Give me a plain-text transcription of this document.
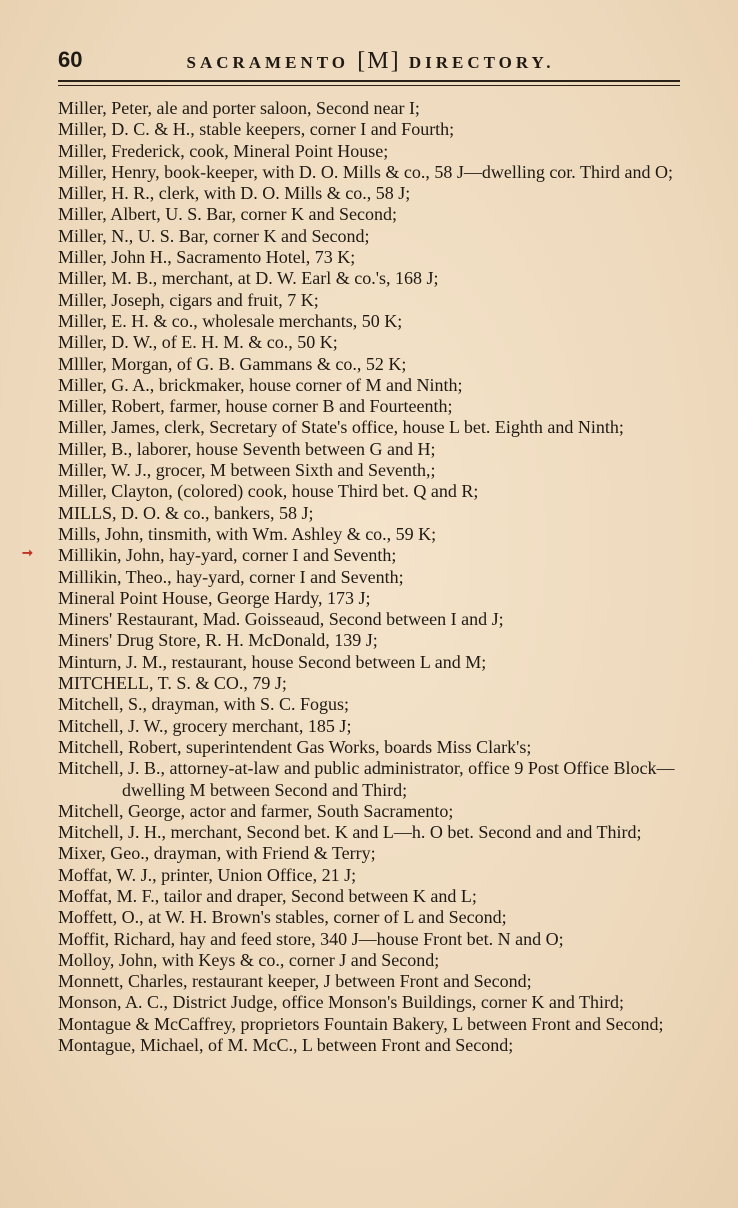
60	SACRAMENTO [M] DIRECTORY.
➞

Miller, Peter, ale and porter saloon, Second near I;

Miller, D. C. & H., stable keepers, corner I and Fourth;

Miller, Frederick, cook, Mineral Point House;

Miller, Henry, book-keeper, with D. O. Mills & co., 58 J—dwelling cor. Third and O;

Miller, H. R., clerk, with D. O. Mills & co., 58 J;

Miller, Albert, U. S. Bar, corner K and Second;

Miller, N., U. S. Bar, corner K and Second;

Miller, John H., Sacramento Hotel, 73 K;

Miller, M. B., merchant, at D. W. Earl & co.'s, 168 J;

Miller, Joseph, cigars and fruit, 7 K;

Miller, E. H. & co., wholesale merchants, 50 K;

Miller, D. W., of E. H. M. & co., 50 K;

Mlller, Morgan, of G. B. Gammans & co., 52 K;

Miller, G. A., brickmaker, house corner of M and Ninth;

Miller, Robert, farmer, house corner B and Fourteenth;

Miller, James, clerk, Secretary of State's office, house L bet. Eighth and Ninth;

Miller, B., laborer, house Seventh between G and H;

Miller, W. J., grocer, M between Sixth and Seventh,;

Miller, Clayton, (colored) cook, house Third bet. Q and R;

MILLS, D. O. & co., bankers, 58 J;

Mills, John, tinsmith, with Wm. Ashley & co., 59 K;

Millikin, John, hay-yard, corner I and Seventh;

Millikin, Theo., hay-yard, corner I and Seventh;

Mineral Point House, George Hardy, 173 J;

Miners' Restaurant, Mad. Goisseaud, Second between I and J;

Miners' Drug Store, R. H. McDonald, 139 J;

Minturn, J. M., restaurant, house Second between L and M;

MITCHELL, T. S. & CO., 79 J;

Mitchell, S., drayman, with S. C. Fogus;

Mitchell, J. W., grocery merchant, 185 J;

Mitchell, Robert, superintendent Gas Works, boards Miss Clark's;

Mitchell, J. B., attorney-at-law and public administrator, office 9 Post Office Block—dwelling M between Second and Third;

Mitchell, George, actor and farmer, South Sacramento;

Mitchell, J. H., merchant, Second bet. K and L—h. O bet. Second and and Third;

Mixer, Geo., drayman, with Friend & Terry;

Moffat, W. J., printer, Union Office, 21 J;

Moffat, M. F., tailor and draper, Second between K and L;

Moffett, O., at W. H. Brown's stables, corner of L and Second;

Moffit, Richard, hay and feed store, 340 J—house Front bet. N and O;

Molloy, John, with Keys & co., corner J and Second;

Monnett, Charles, restaurant keeper, J between Front and Second;

Monson, A. C., District Judge, office Monson's Buildings, corner K and Third;

Montague & McCaffrey, proprietors Fountain Bakery, L between Front and Second;

Montague, Michael, of M. McC., L between Front and Second;
